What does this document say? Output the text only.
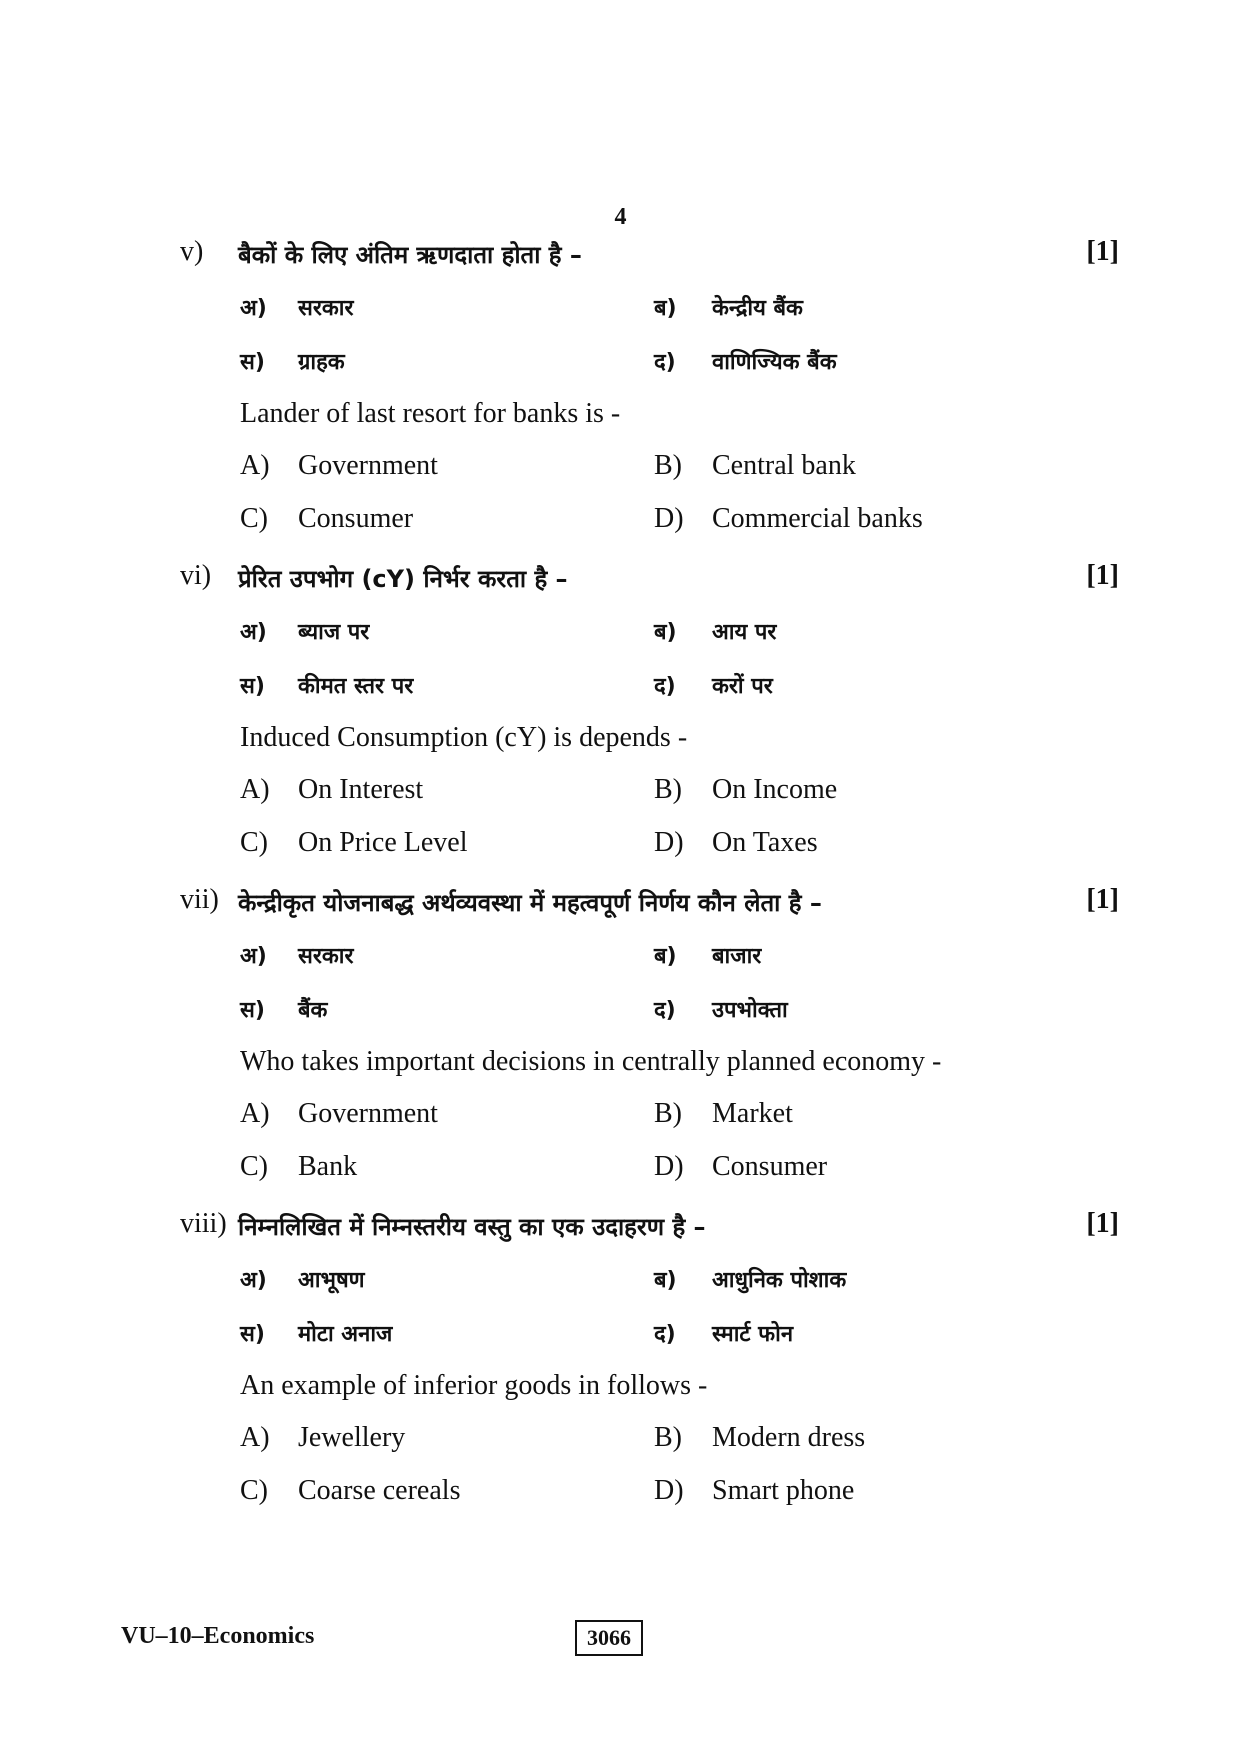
4
v) बैकों के लिए अंतिम ऋणदाता होता है –	[1]
अ) सरकार	ब) केन्द्रीय बैंक
स) ग्राहक	द) वाणिज्यिक बैंक
Lander of last resort for banks is -
A) Government	B) Central bank
C) Consumer	D) Commercial banks
vi) प्रेरित उपभोग (cY) निर्भर करता है –	[1]
अ) ब्याज पर	ब) आय पर
स) कीमत स्तर पर	द) करों पर
Induced Consumption (cY) is depends -
A) On Interest	B) On Income
C) On Price Level	D) On Taxes
vii) केन्द्रीकृत योजनाबद्ध अर्थव्यवस्था में महत्वपूर्ण निर्णय कौन लेता है –	[1]
अ) सरकार	ब) बाजार
स) बैंक	द) उपभोक्ता
Who takes important decisions in centrally planned economy -
A) Government	B) Market
C) Bank	D) Consumer
viii) निम्नलिखित में निम्नस्तरीय वस्तु का एक उदाहरण है –	[1]
अ) आभूषण	ब) आधुनिक पोशाक
स) मोटा अनाज	द) स्मार्ट फोन
An example of inferior goods in follows -
A) Jewellery	B) Modern dress
C) Coarse cereals	D) Smart phone
VU–10–Economics	3066
